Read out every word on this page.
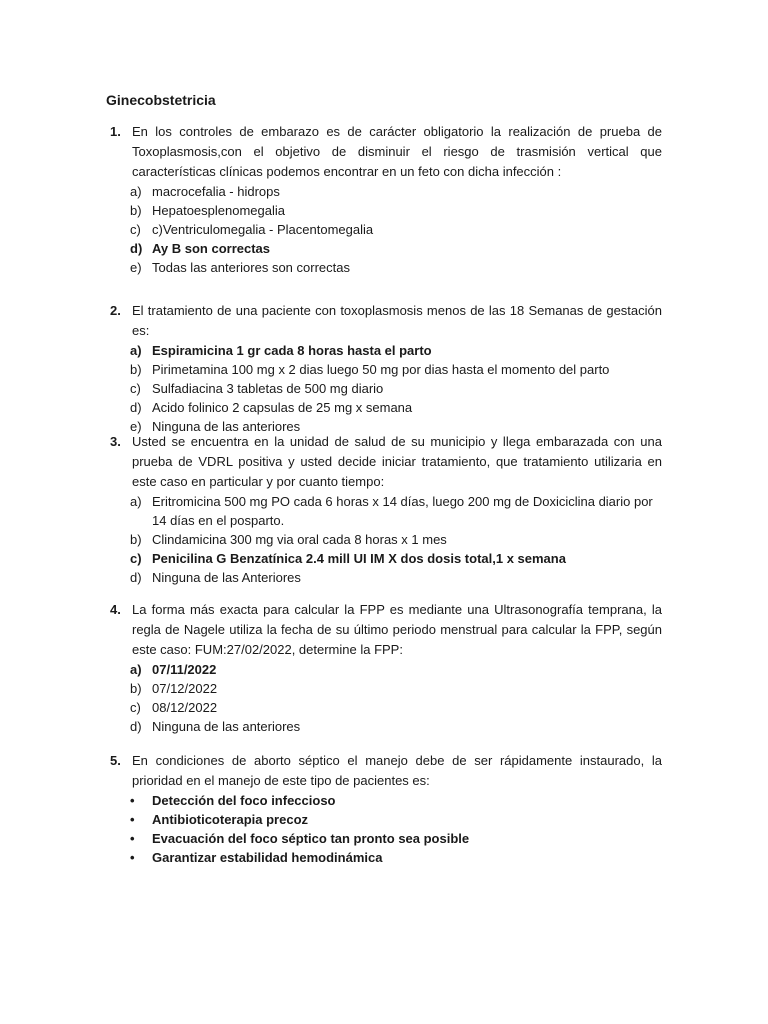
Ginecobstetricia
1. En los controles de embarazo es de carácter obligatorio la realización de prueba de Toxoplasmosis,con el objetivo de disminuir el riesgo de trasmisión vertical que características clínicas podemos encontrar en un feto con dicha infección :
a) macrocefalia - hidrops
b) Hepatoesplenomegalia
c) c)Ventriculomegalia - Placentomegalia
d) Ay B son correctas
e) Todas las anteriores son correctas
2. El tratamiento de una paciente con toxoplasmosis menos de las 18 Semanas de gestación es:
a) Espiramicina 1 gr cada 8 horas hasta el parto
b) Pirimetamina 100 mg x 2 dias luego 50 mg por dias hasta el momento del parto
c) Sulfadiacina 3 tabletas de 500 mg diario
d) Acido folinico 2 capsulas de 25 mg x semana
e) Ninguna de las anteriores
3. Usted se encuentra en la unidad de salud de su municipio y llega embarazada con una prueba de VDRL positiva y usted decide iniciar tratamiento, que tratamiento utilizaria en este caso en particular y por cuanto tiempo:
a) Eritromicina 500 mg PO cada 6 horas x 14 días, luego 200 mg de Doxiciclina diario por 14 días en el posparto.
b) Clindamicina 300 mg via oral cada 8 horas x 1 mes
c) Penicilina G Benzatínica 2.4 mill UI IM X dos dosis total,1 x semana
d) Ninguna de las Anteriores
4. La forma más exacta para calcular la FPP es mediante una Ultrasonografía temprana, la regla de Nagele utiliza la fecha de su último periodo menstrual para calcular la FPP, según este caso: FUM:27/02/2022, determine la FPP:
a) 07/11/2022
b) 07/12/2022
c) 08/12/2022
d) Ninguna de las anteriores
5. En condiciones de aborto séptico el manejo debe de ser rápidamente instaurado, la prioridad en el manejo de este tipo de pacientes es:
• Detección del foco infeccioso
• Antibioticoterapia precoz
• Evacuación del foco séptico tan pronto sea posible
• Garantizar estabilidad hemodinámica
